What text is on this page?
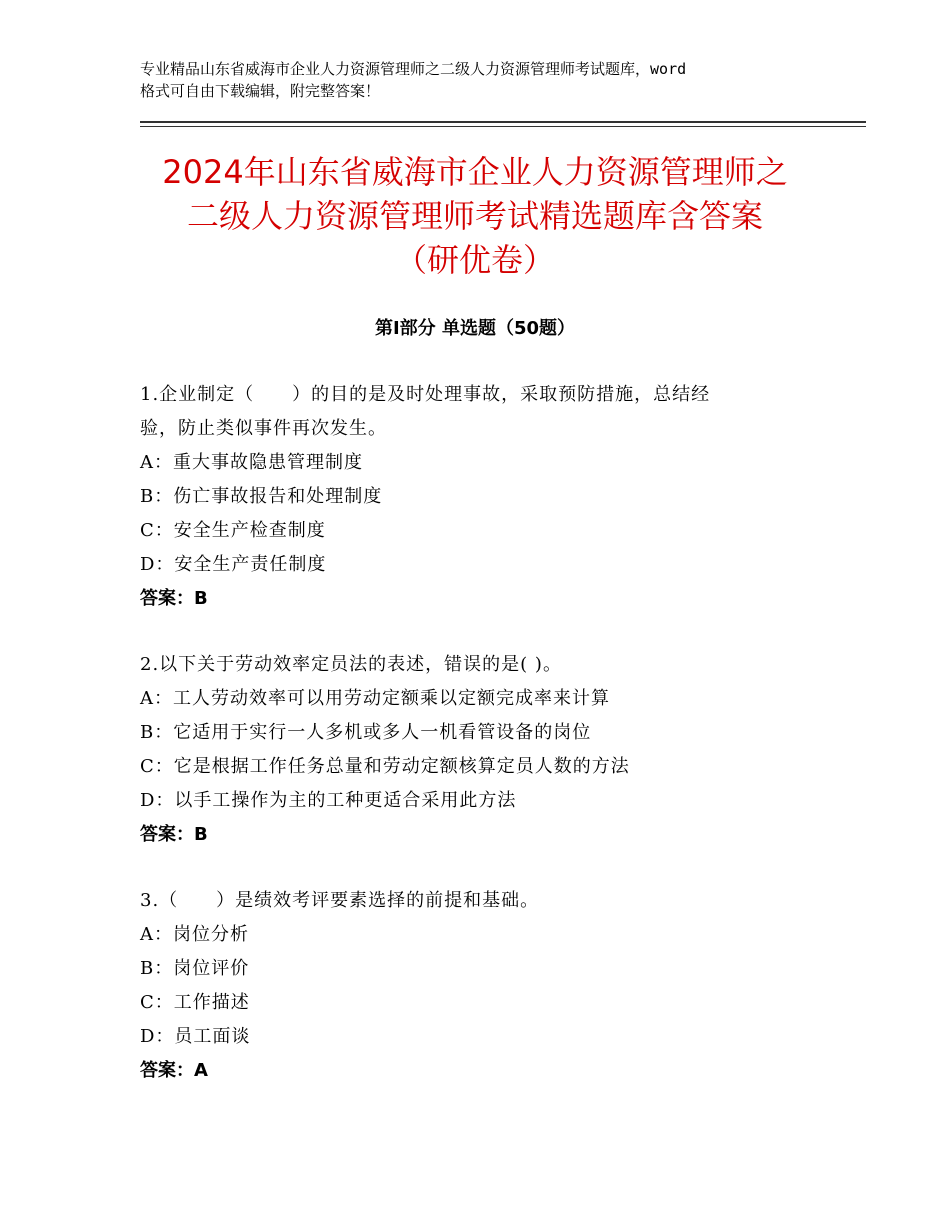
专业精品山东省威海市企业人力资源管理师之二级人力资源管理师考试题库，word

格式可自由下载编辑，附完整答案！

2024年山东省威海市企业人力资源管理师之
二级人力资源管理师考试精选题库含答案
（研优卷）
第Ⅰ部分 单选题（50题）

1.企业制定（　　）的目的是及时处理事故，采取预防措施，总结经

验，防止类似事件再次发生。

A：重大事故隐患管理制度

B：伤亡事故报告和处理制度

C：安全生产检查制度

D：安全生产责任制度

答案：B

2.以下关于劳动效率定员法的表述，错误的是( )。

A：工人劳动效率可以用劳动定额乘以定额完成率来计算

B：它适用于实行一人多机或多人一机看管设备的岗位

C：它是根据工作任务总量和劳动定额核算定员人数的方法

D：以手工操作为主的工种更适合采用此方法

答案：B

3.（　　）是绩效考评要素选择的前提和基础。

A：岗位分析

B：岗位评价

C：工作描述

D：员工面谈

答案：A
